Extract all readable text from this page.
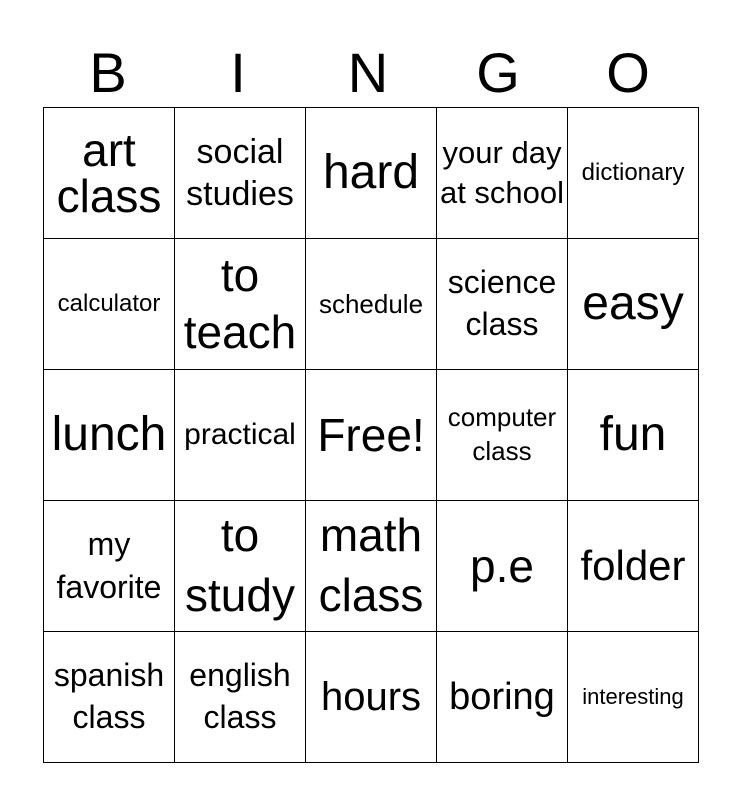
B	I	N	G	O
art class	social studies	hard	your day at school	dictionary
calculator	to teach	schedule	science class	easy
lunch	practical	Free!	computer class	fun
my favorite	to study	math class	p.e	folder
spanish class	english class	hours	boring	interesting
